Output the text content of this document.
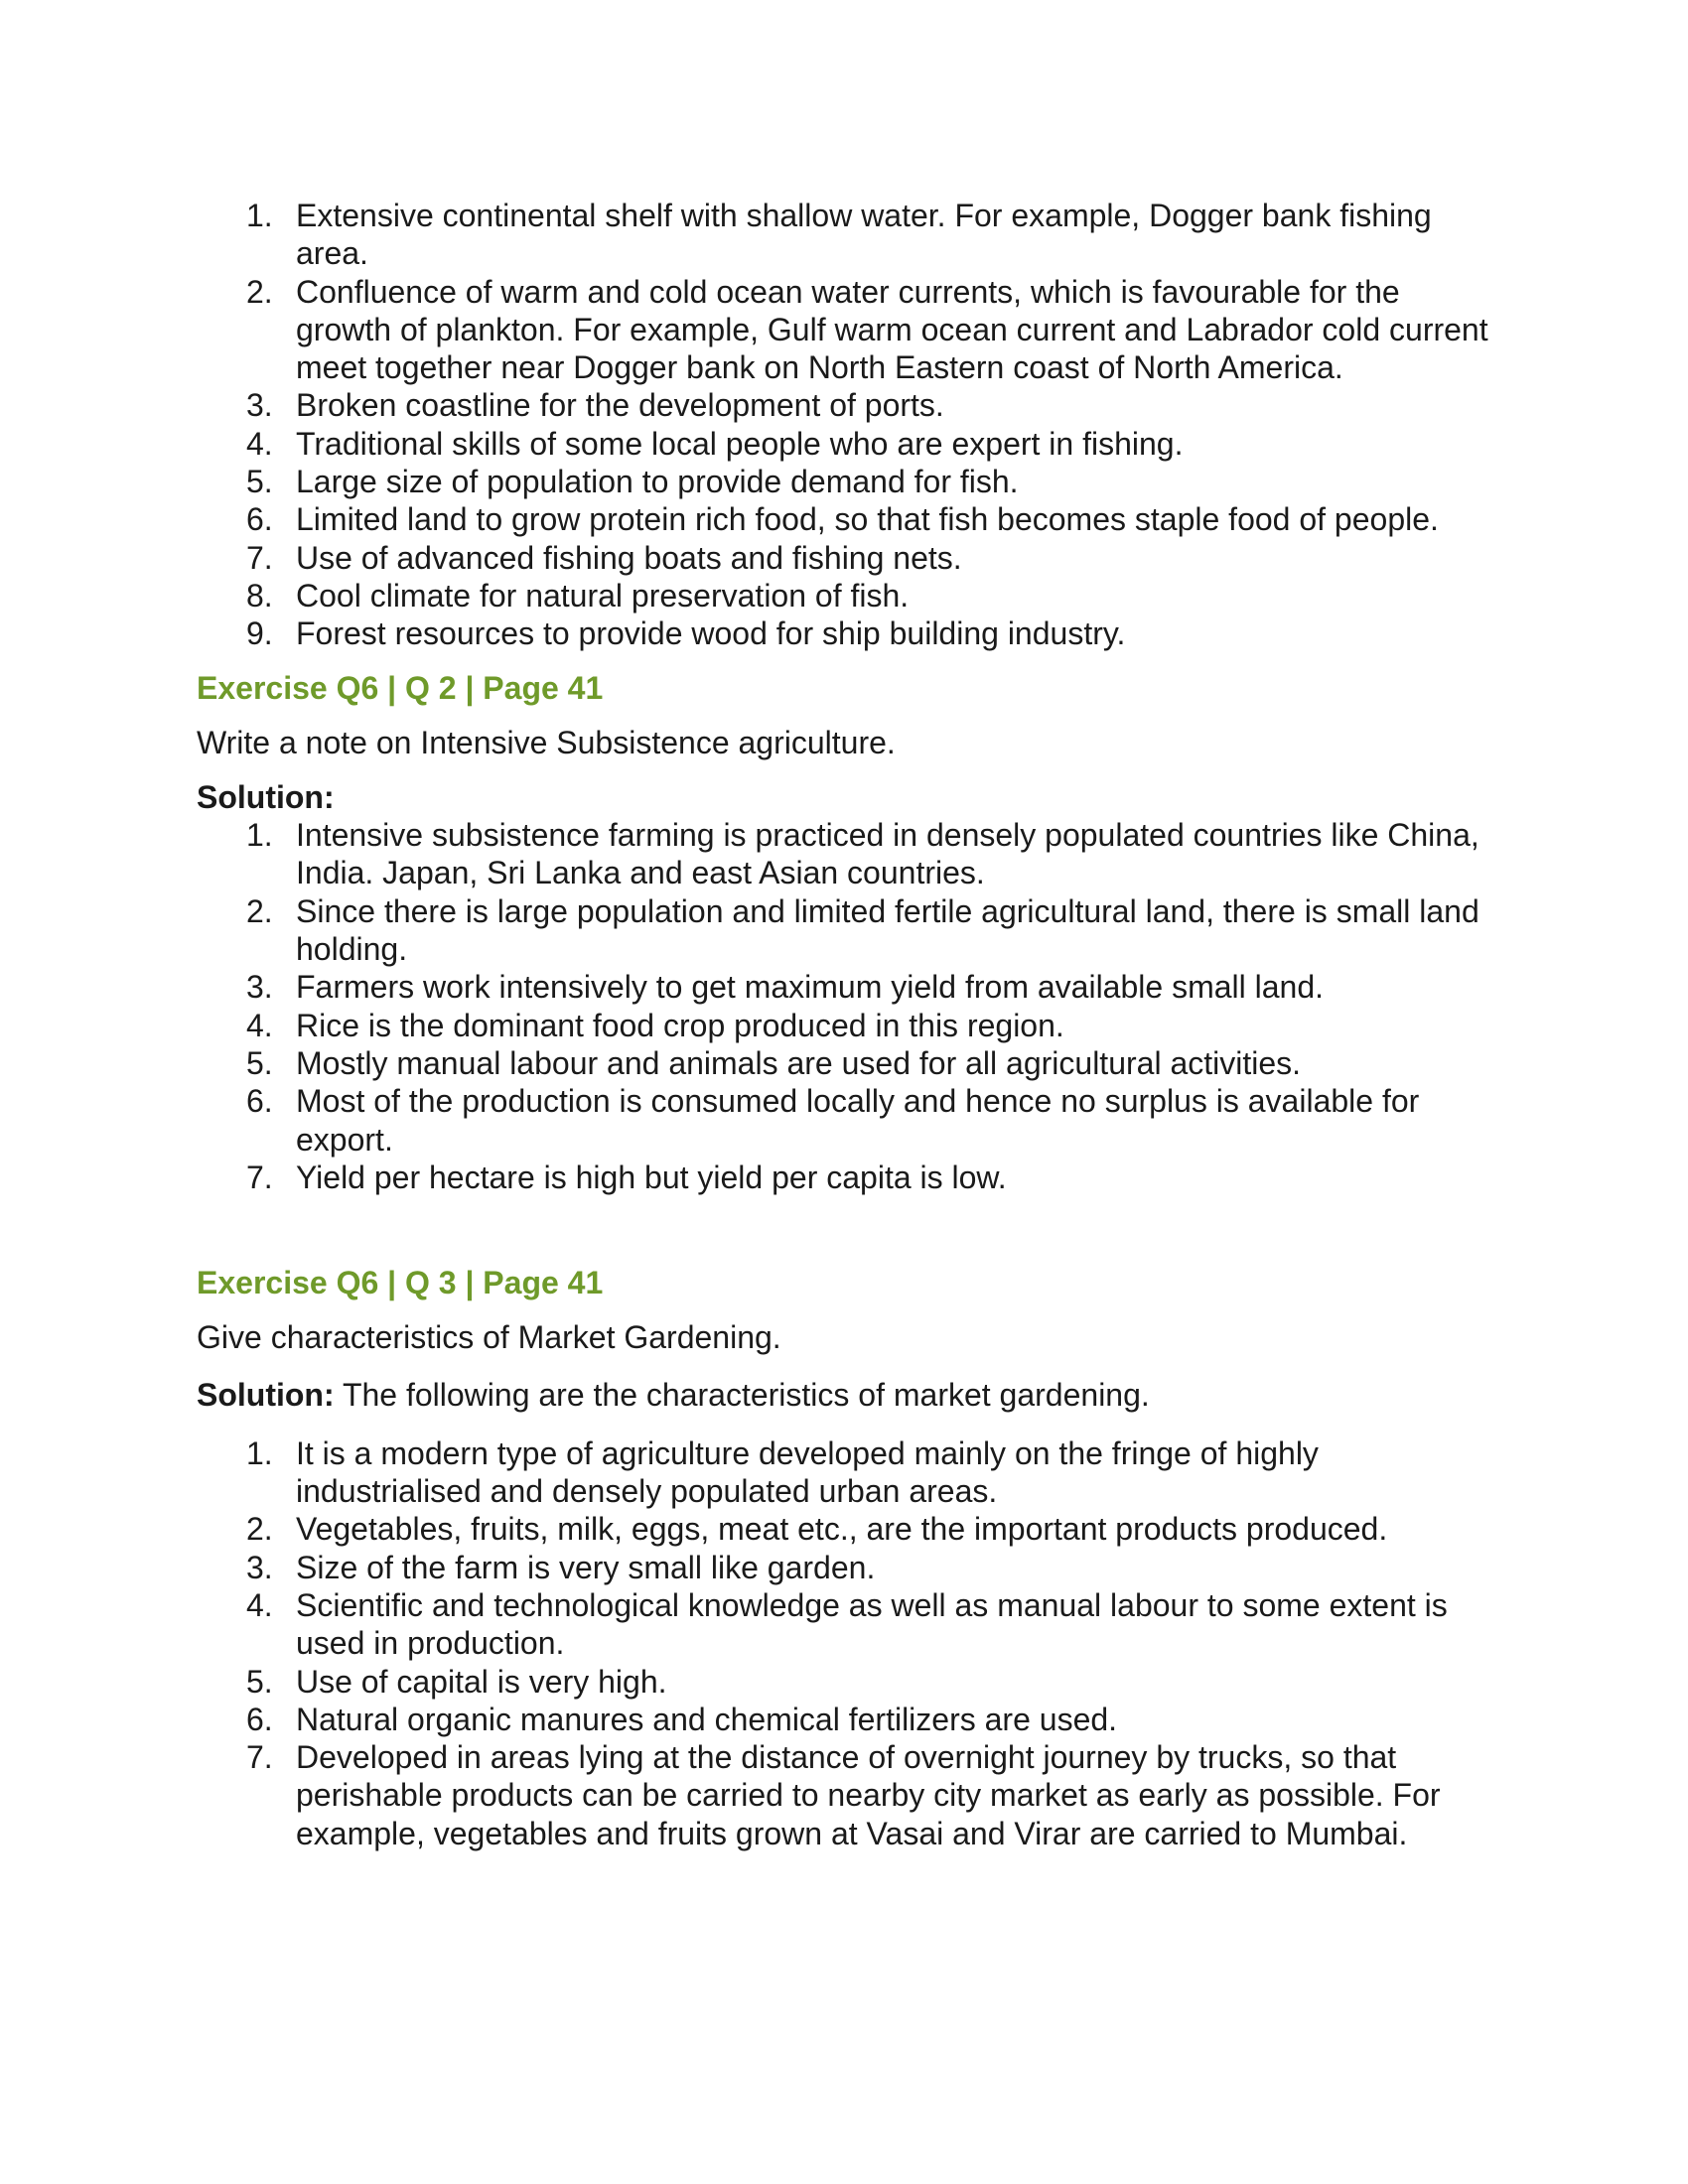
1. Extensive continental shelf with shallow water. For example, Dogger bank fishing area.
2. Confluence of warm and cold ocean water currents, which is favourable for the growth of plankton. For example, Gulf warm ocean current and Labrador cold current meet together near Dogger bank on North Eastern coast of North America.
3. Broken coastline for the development of ports.
4. Traditional skills of some local people who are expert in fishing.
5. Large size of population to provide demand for fish.
6. Limited land to grow protein rich food, so that fish becomes staple food of people.
7. Use of advanced fishing boats and fishing nets.
8. Cool climate for natural preservation of fish.
9. Forest resources to provide wood for ship building industry.

Exercise Q6 | Q 2 | Page 41

Write a note on Intensive Subsistence agriculture.

Solution:

1. Intensive subsistence farming is practiced in densely populated countries like China, India. Japan, Sri Lanka and east Asian countries.
2. Since there is large population and limited fertile agricultural land, there is small land holding.
3. Farmers work intensively to get maximum yield from available small land.
4. Rice is the dominant food crop produced in this region.
5. Mostly manual labour and animals are used for all agricultural activities.
6. Most of the production is consumed locally and hence no surplus is available for export.
7. Yield per hectare is high but yield per capita is low.

Exercise Q6 | Q 3 | Page 41

Give characteristics of Market Gardening.

Solution: The following are the characteristics of market gardening.

1. It is a modern type of agriculture developed mainly on the fringe of highly industrialised and densely populated urban areas.
2. Vegetables, fruits, milk, eggs, meat etc., are the important products produced.
3. Size of the farm is very small like garden.
4. Scientific and technological knowledge as well as manual labour to some extent is used in production.
5. Use of capital is very high.
6. Natural organic manures and chemical fertilizers are used.
7. Developed in areas lying at the distance of overnight journey by trucks, so that perishable products can be carried to nearby city market as early as possible. For example, vegetables and fruits grown at Vasai and Virar are carried to Mumbai.
